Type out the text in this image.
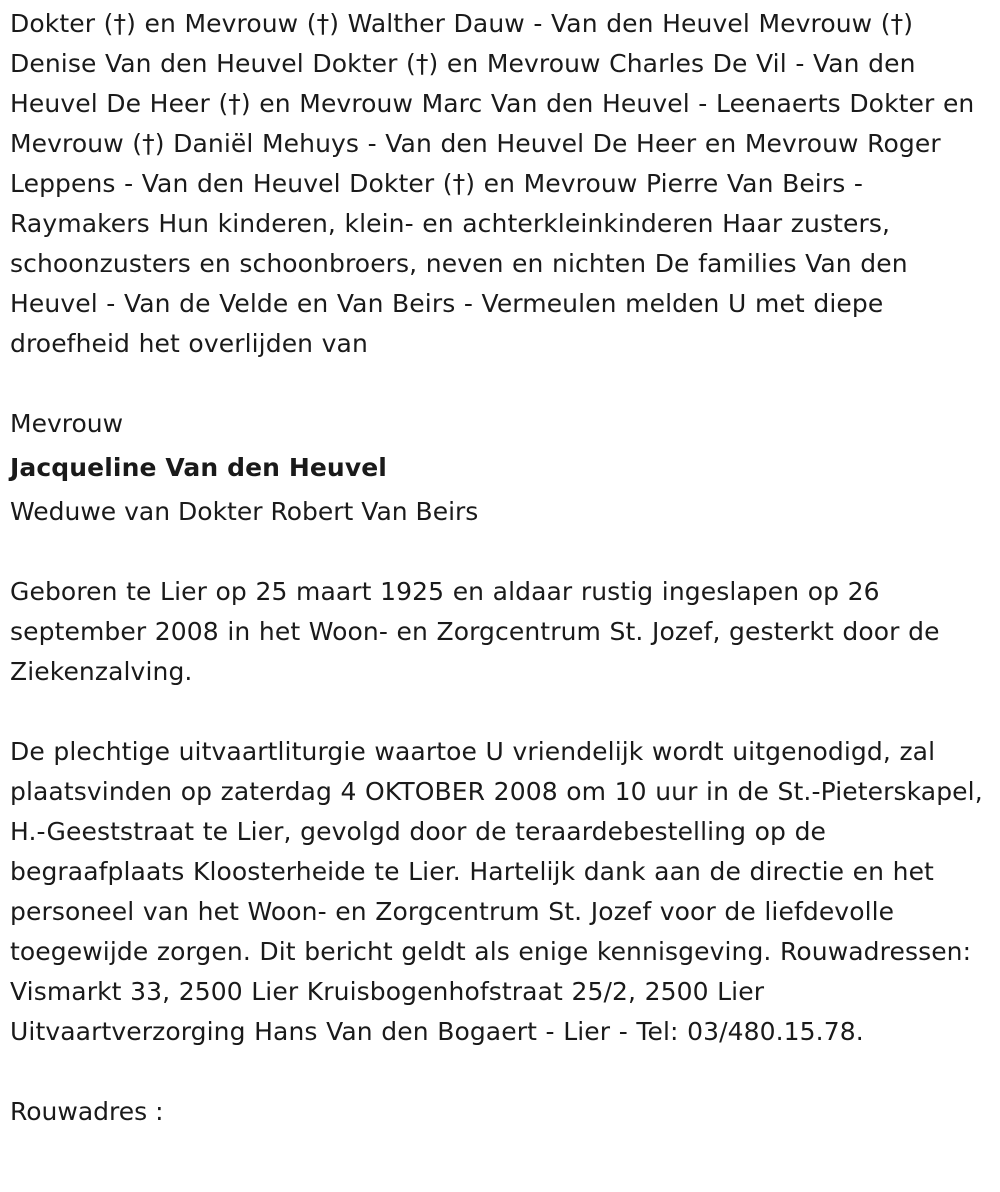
Dokter (†) en Mevrouw (†) Walther Dauw - Van den Heuvel Mevrouw (†) Denise Van den Heuvel Dokter (†) en Mevrouw Charles De Vil - Van den Heuvel De Heer (†) en Mevrouw Marc Van den Heuvel - Leenaerts Dokter en Mevrouw (†) Daniël Mehuys - Van den Heuvel De Heer en Mevrouw Roger Leppens - Van den Heuvel Dokter (†) en Mevrouw Pierre Van Beirs - Raymakers Hun kinderen, klein- en achterkleinkinderen Haar zusters, schoonzusters en schoonbroers, neven en nichten De families Van den Heuvel - Van de Velde en Van Beirs - Vermeulen melden U met diepe droefheid het overlijden van

Mevrouw

Jacqueline Van den Heuvel

Weduwe van Dokter Robert Van Beirs

Geboren te Lier op 25 maart 1925 en aldaar rustig ingeslapen op 26 september 2008 in het Woon- en Zorgcentrum St. Jozef, gesterkt door de Ziekenzalving.

De plechtige uitvaartliturgie waartoe U vriendelijk wordt uitgenodigd, zal plaatsvinden op zaterdag 4 OKTOBER 2008 om 10 uur in de St.-Pieterskapel, H.-Geeststraat te Lier, gevolgd door de teraardebestelling op de begraafplaats Kloosterheide te Lier. Hartelijk dank aan de directie en het personeel van het Woon- en Zorgcentrum St. Jozef voor de liefdevolle toegewijde zorgen. Dit bericht geldt als enige kennisgeving. Rouwadressen: Vismarkt 33, 2500 Lier Kruisbogenhofstraat 25/2, 2500 Lier Uitvaartverzorging Hans Van den Bogaert - Lier - Tel: 03/480.15.78.

Rouwadres :
